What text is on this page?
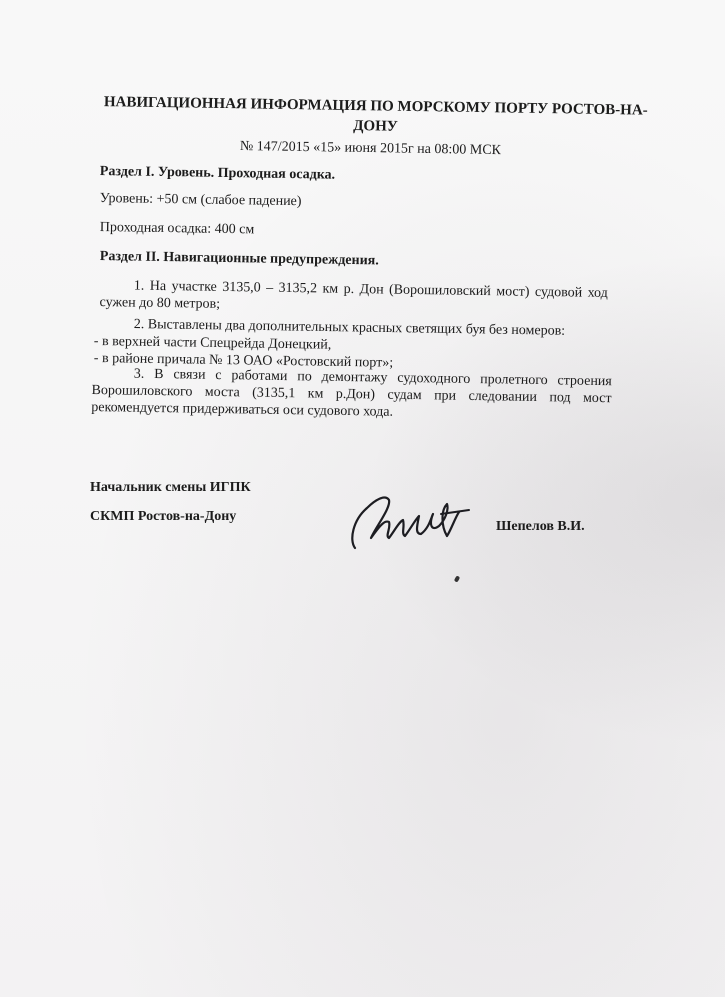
НАВИГАЦИОННАЯ ИНФОРМАЦИЯ ПО МОРСКОМУ ПОРТУ РОСТОВ-НА-ДОНУ

№ 147/2015 «15» июня 2015г на 08:00 МСК

Раздел I. Уровень. Проходная осадка.

Уровень: +50 см (слабое падение)

Проходная осадка: 400 см

Раздел II. Навигационные предупреждения.

1. На участке 3135,0 – 3135,2 км р. Дон (Ворошиловский мост) судовой ход сужен до 80 метров;

2. Выставлены два дополнительных красных светящих буя без номеров:

- в верхней части Спецрейда Донецкий,

- в районе причала № 13 ОАО «Ростовский порт»;

3. В связи с работами по демонтажу судоходного пролетного строения Ворошиловского моста (3135,1 км р.Дон) судам при следовании под мост рекомендуется придерживаться оси судового хода.

Начальник смены ИГПК

СКМП Ростов-на-Дону

Шепелов В.И.
